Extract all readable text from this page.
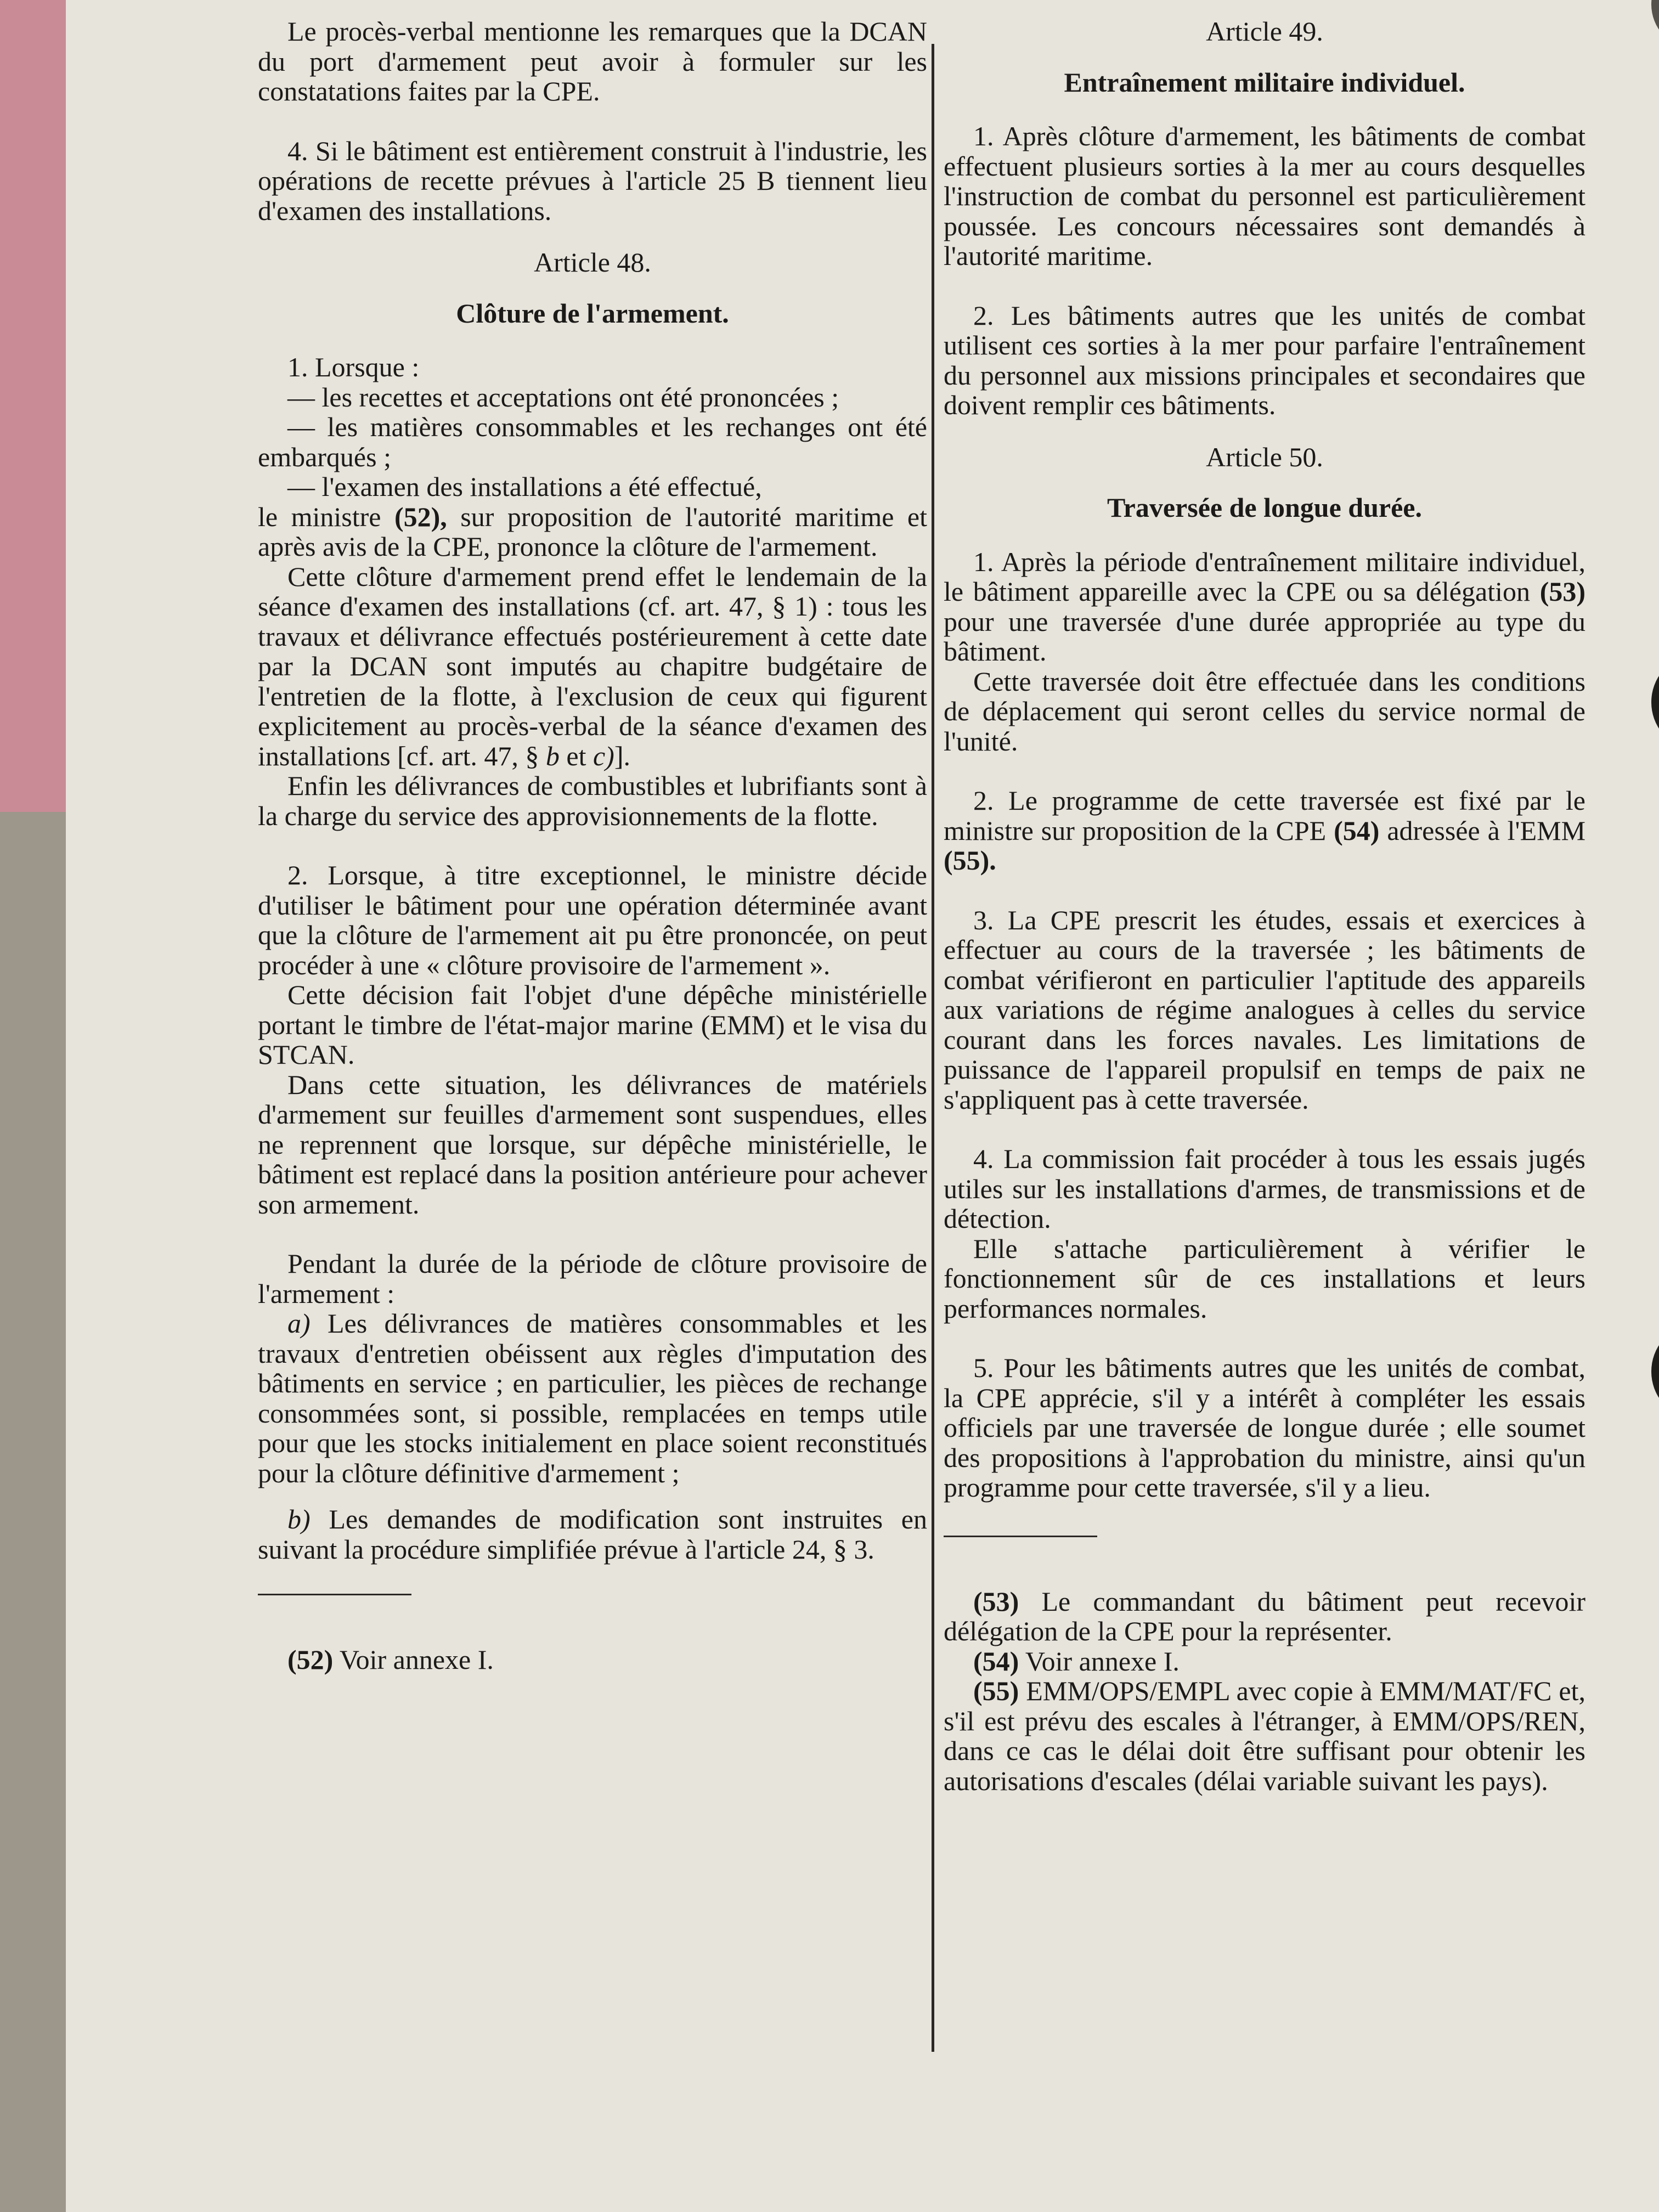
Le procès-verbal mentionne les remarques que la DCAN du port d'armement peut avoir à formuler sur les constatations faites par la CPE.

4. Si le bâtiment est entièrement construit à l'industrie, les opérations de recette prévues à l'article 25 B tiennent lieu d'examen des installations.

Article 48.
Clôture de l'armement.

1. Lorsque :

— les recettes et acceptations ont été prononcées ;

— les matières consommables et les rechanges ont été embarqués ;

— l'examen des installations a été effectué,

le ministre (52), sur proposition de l'autorité maritime et après avis de la CPE, prononce la clôture de l'armement.

Cette clôture d'armement prend effet le lendemain de la séance d'examen des installations (cf. art. 47, § 1) : tous les travaux et délivrance effectués postérieurement à cette date par la DCAN sont imputés au chapitre budgétaire de l'entretien de la flotte, à l'exclusion de ceux qui figurent explicitement au procès-verbal de la séance d'examen des installations [cf. art. 47, § b et c)].

Enfin les délivrances de combustibles et lubrifiants sont à la charge du service des approvisionnements de la flotte.

2. Lorsque, à titre exceptionnel, le ministre décide d'utiliser le bâtiment pour une opération déterminée avant que la clôture de l'armement ait pu être prononcée, on peut procéder à une « clôture provisoire de l'armement ».

Cette décision fait l'objet d'une dépêche ministérielle portant le timbre de l'état-major marine (EMM) et le visa du STCAN.

Dans cette situation, les délivrances de matériels d'armement sur feuilles d'armement sont suspendues, elles ne reprennent que lorsque, sur dépêche ministérielle, le bâtiment est replacé dans la position antérieure pour achever son armement.

Pendant la durée de la période de clôture provisoire de l'armement :

a) Les délivrances de matières consommables et les travaux d'entretien obéissent aux règles d'imputation des bâtiments en service ; en particulier, les pièces de rechange consommées sont, si possible, remplacées en temps utile pour que les stocks initialement en place soient reconstitués pour la clôture définitive d'armement ;

b) Les demandes de modification sont instruites en suivant la procédure simplifiée prévue à l'article 24, § 3.

(52) Voir annexe I.

Article 49.
Entraînement militaire individuel.

1. Après clôture d'armement, les bâtiments de combat effectuent plusieurs sorties à la mer au cours desquelles l'instruction de combat du personnel est particulièrement poussée. Les concours nécessaires sont demandés à l'autorité maritime.

2. Les bâtiments autres que les unités de combat utilisent ces sorties à la mer pour parfaire l'entraînement du personnel aux missions principales et secondaires que doivent remplir ces bâtiments.

Article 50.
Traversée de longue durée.

1. Après la période d'entraînement militaire individuel, le bâtiment appareille avec la CPE ou sa délégation (53) pour une traversée d'une durée appropriée au type du bâtiment.

Cette traversée doit être effectuée dans les conditions de déplacement qui seront celles du service normal de l'unité.

2. Le programme de cette traversée est fixé par le ministre sur proposition de la CPE (54) adressée à l'EMM (55).

3. La CPE prescrit les études, essais et exercices à effectuer au cours de la traversée ; les bâtiments de combat vérifieront en particulier l'aptitude des appareils aux variations de régime analogues à celles du service courant dans les forces navales. Les limitations de puissance de l'appareil propulsif en temps de paix ne s'appliquent pas à cette traversée.

4. La commission fait procéder à tous les essais jugés utiles sur les installations d'armes, de transmissions et de détection.

Elle s'attache particulièrement à vérifier le fonctionnement sûr de ces installations et leurs performances normales.

5. Pour les bâtiments autres que les unités de combat, la CPE apprécie, s'il y a intérêt à compléter les essais officiels par une traversée de longue durée ; elle soumet des propositions à l'approbation du ministre, ainsi qu'un programme pour cette traversée, s'il y a lieu.

(53) Le commandant du bâtiment peut recevoir délégation de la CPE pour la représenter.

(54) Voir annexe I.

(55) EMM/OPS/EMPL avec copie à EMM/MAT/FC et, s'il est prévu des escales à l'étranger, à EMM/OPS/REN, dans ce cas le délai doit être suffisant pour obtenir les autorisations d'escales (délai variable suivant les pays).
